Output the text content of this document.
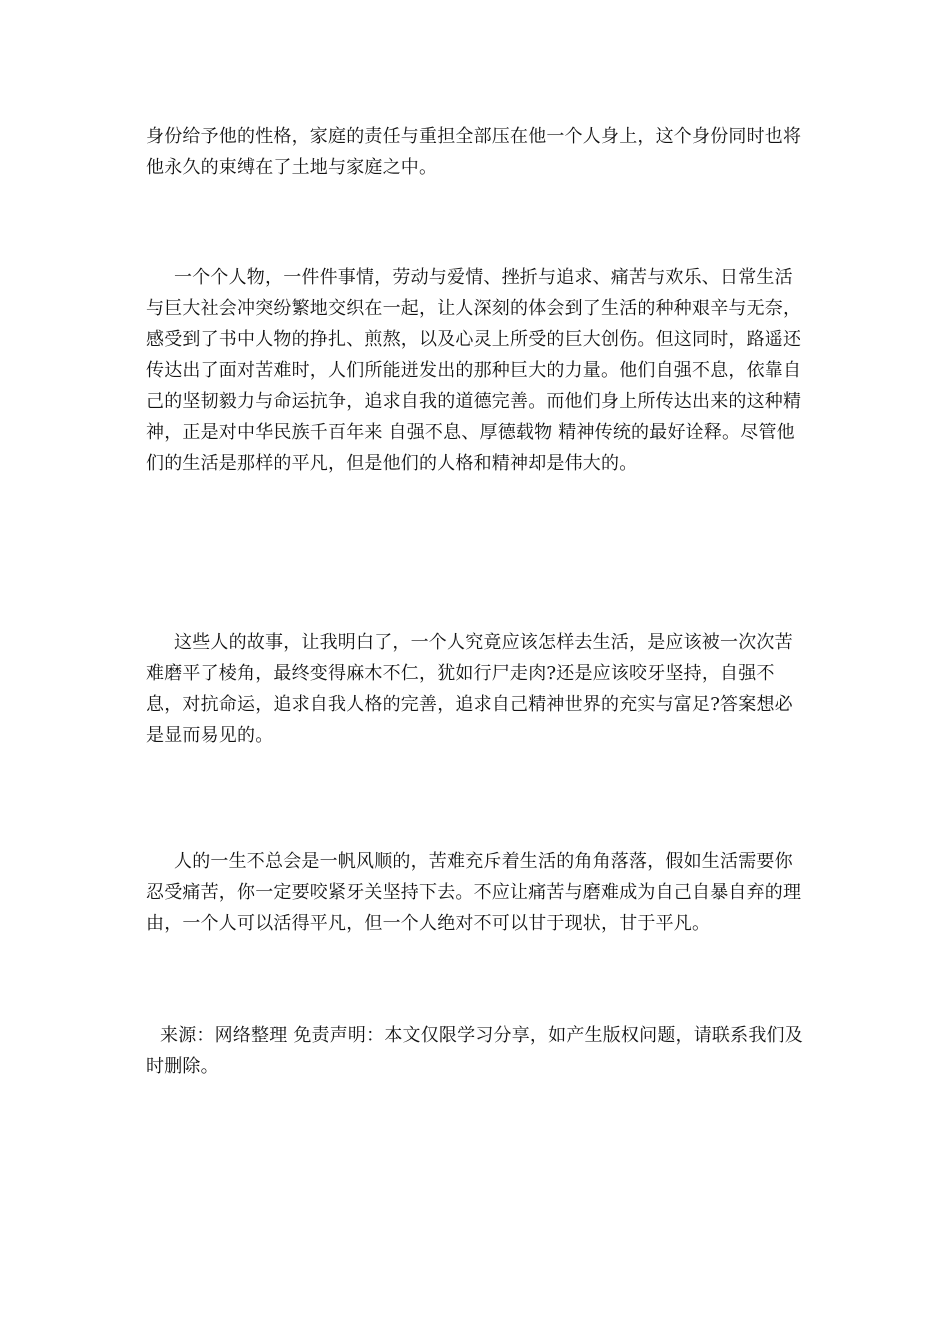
身份给予他的性格，家庭的责任与重担全部压在他一个人身上，这个身份同时也将他永久的束缚在了土地与家庭之中。

一个个人物，一件件事情，劳动与爱情、挫折与追求、痛苦与欢乐、日常生活与巨大社会冲突纷繁地交织在一起，让人深刻的体会到了生活的种种艰辛与无奈，感受到了书中人物的挣扎、煎熬，以及心灵上所受的巨大创伤。但这同时，路遥还传达出了面对苦难时，人们所能迸发出的那种巨大的力量。他们自强不息，依靠自己的坚韧毅力与命运抗争，追求自我的道德完善。而他们身上所传达出来的这种精神，正是对中华民族千百年来 自强不息、厚德载物 精神传统的最好诠释。尽管他们的生活是那样的平凡，但是他们的人格和精神却是伟大的。

这些人的故事，让我明白了，一个人究竟应该怎样去生活，是应该被一次次苦难磨平了棱角，最终变得麻木不仁，犹如行尸走肉?还是应该咬牙坚持，自强不息，对抗命运，追求自我人格的完善，追求自己精神世界的充实与富足?答案想必是显而易见的。

人的一生不总会是一帆风顺的，苦难充斥着生活的角角落落，假如生活需要你忍受痛苦，你一定要咬紧牙关坚持下去。不应让痛苦与磨难成为自己自暴自弃的理由，一个人可以活得平凡，但一个人绝对不可以甘于现状，甘于平凡。

来源：网络整理 免责声明：本文仅限学习分享，如产生版权问题，请联系我们及时删除。
